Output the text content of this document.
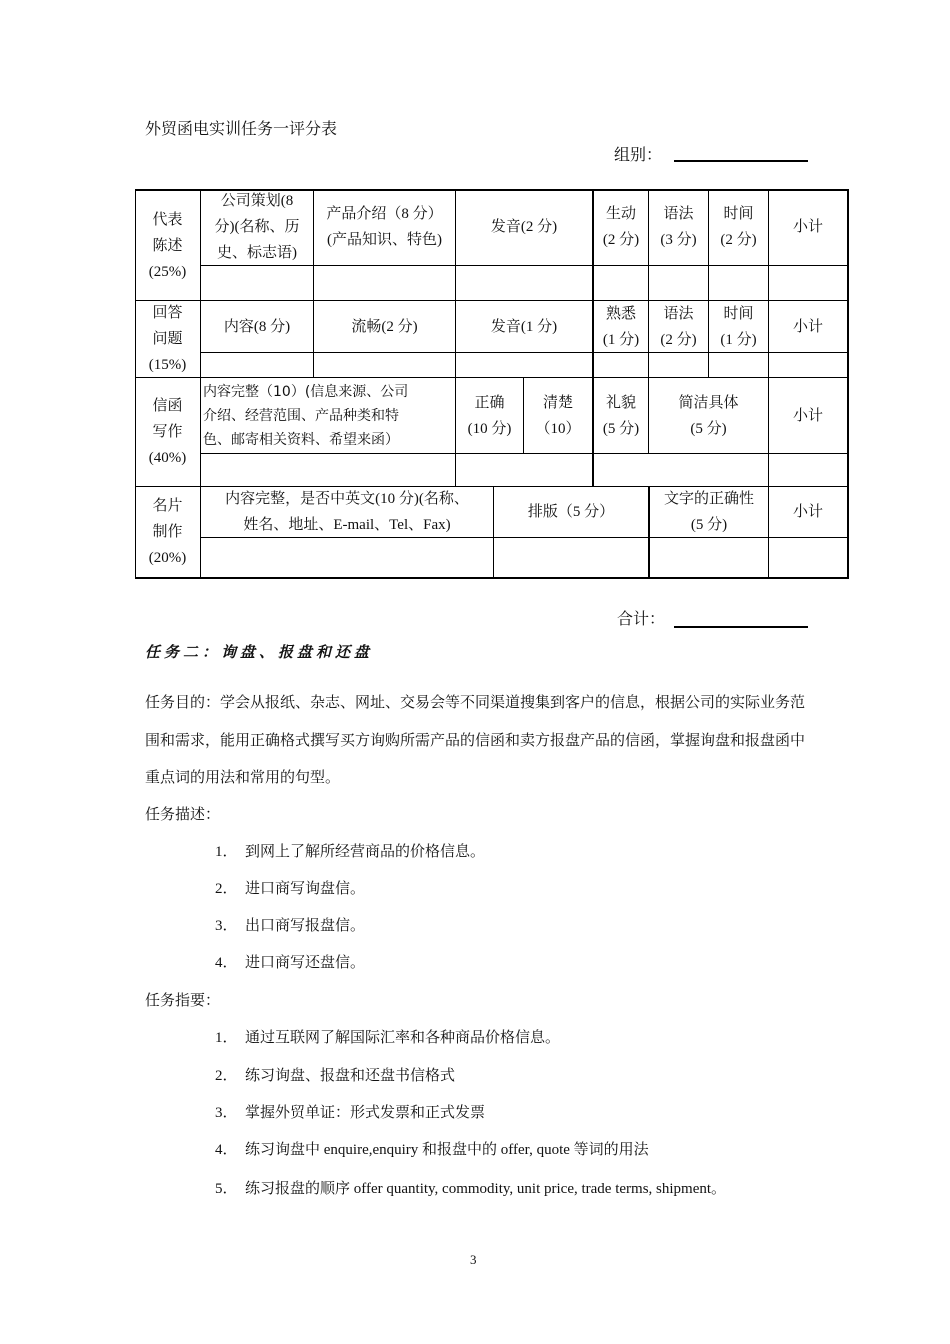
外贸函电实训任务一评分表
组别：
代表
陈述
(25%)
公司策划(8
分)(名称、历
史、标志语)
产品介绍（8 分）
(产品知识、特色)
发音(2 分)
生动
(2 分)
语法
(3 分)
时间
(2 分)
小计
回答
问题
(15%)
内容(8 分)	流畅(2 分)	发音(1 分)
熟悉
(1 分)
语法
(2 分)
时间
(1 分)
小计
信函
写作
(40%)
内容完整（10）(信息来源、公司
介绍、经营范围、产品种类和特
色、邮寄相关资料、希望来函）
正确
(10 分)
清楚
（10）
礼貌
(5 分)
简洁具体
(5 分)
小计
名片
制作
(20%)
内容完整，是否中英文(10 分)(名称、
姓名、地址、E-mail、Tel、Fax)
排版（5 分）
文字的正确性
(5 分)
小计
合计：
任务二：询盘、报盘和还盘
任务目的：学会从报纸、杂志、网址、交易会等不同渠道搜集到客户的信息，根据公司的实际业务范围和需求，能用正确格式撰写买方询购所需产品的信函和卖方报盘产品的信函，掌握询盘和报盘函中重点词的用法和常用的句型。
任务描述：
1． 到网上了解所经营商品的价格信息。
2． 进口商写询盘信。
3． 出口商写报盘信。
4． 进口商写还盘信。
任务指要：
1． 通过互联网了解国际汇率和各种商品价格信息。
2． 练习询盘、报盘和还盘书信格式
3． 掌握外贸单证：形式发票和正式发票
4． 练习询盘中 enquire,enquiry 和报盘中的 offer, quote 等词的用法
5． 练习报盘的顺序 offer quantity, commodity, unit price, trade terms, shipment。
3
